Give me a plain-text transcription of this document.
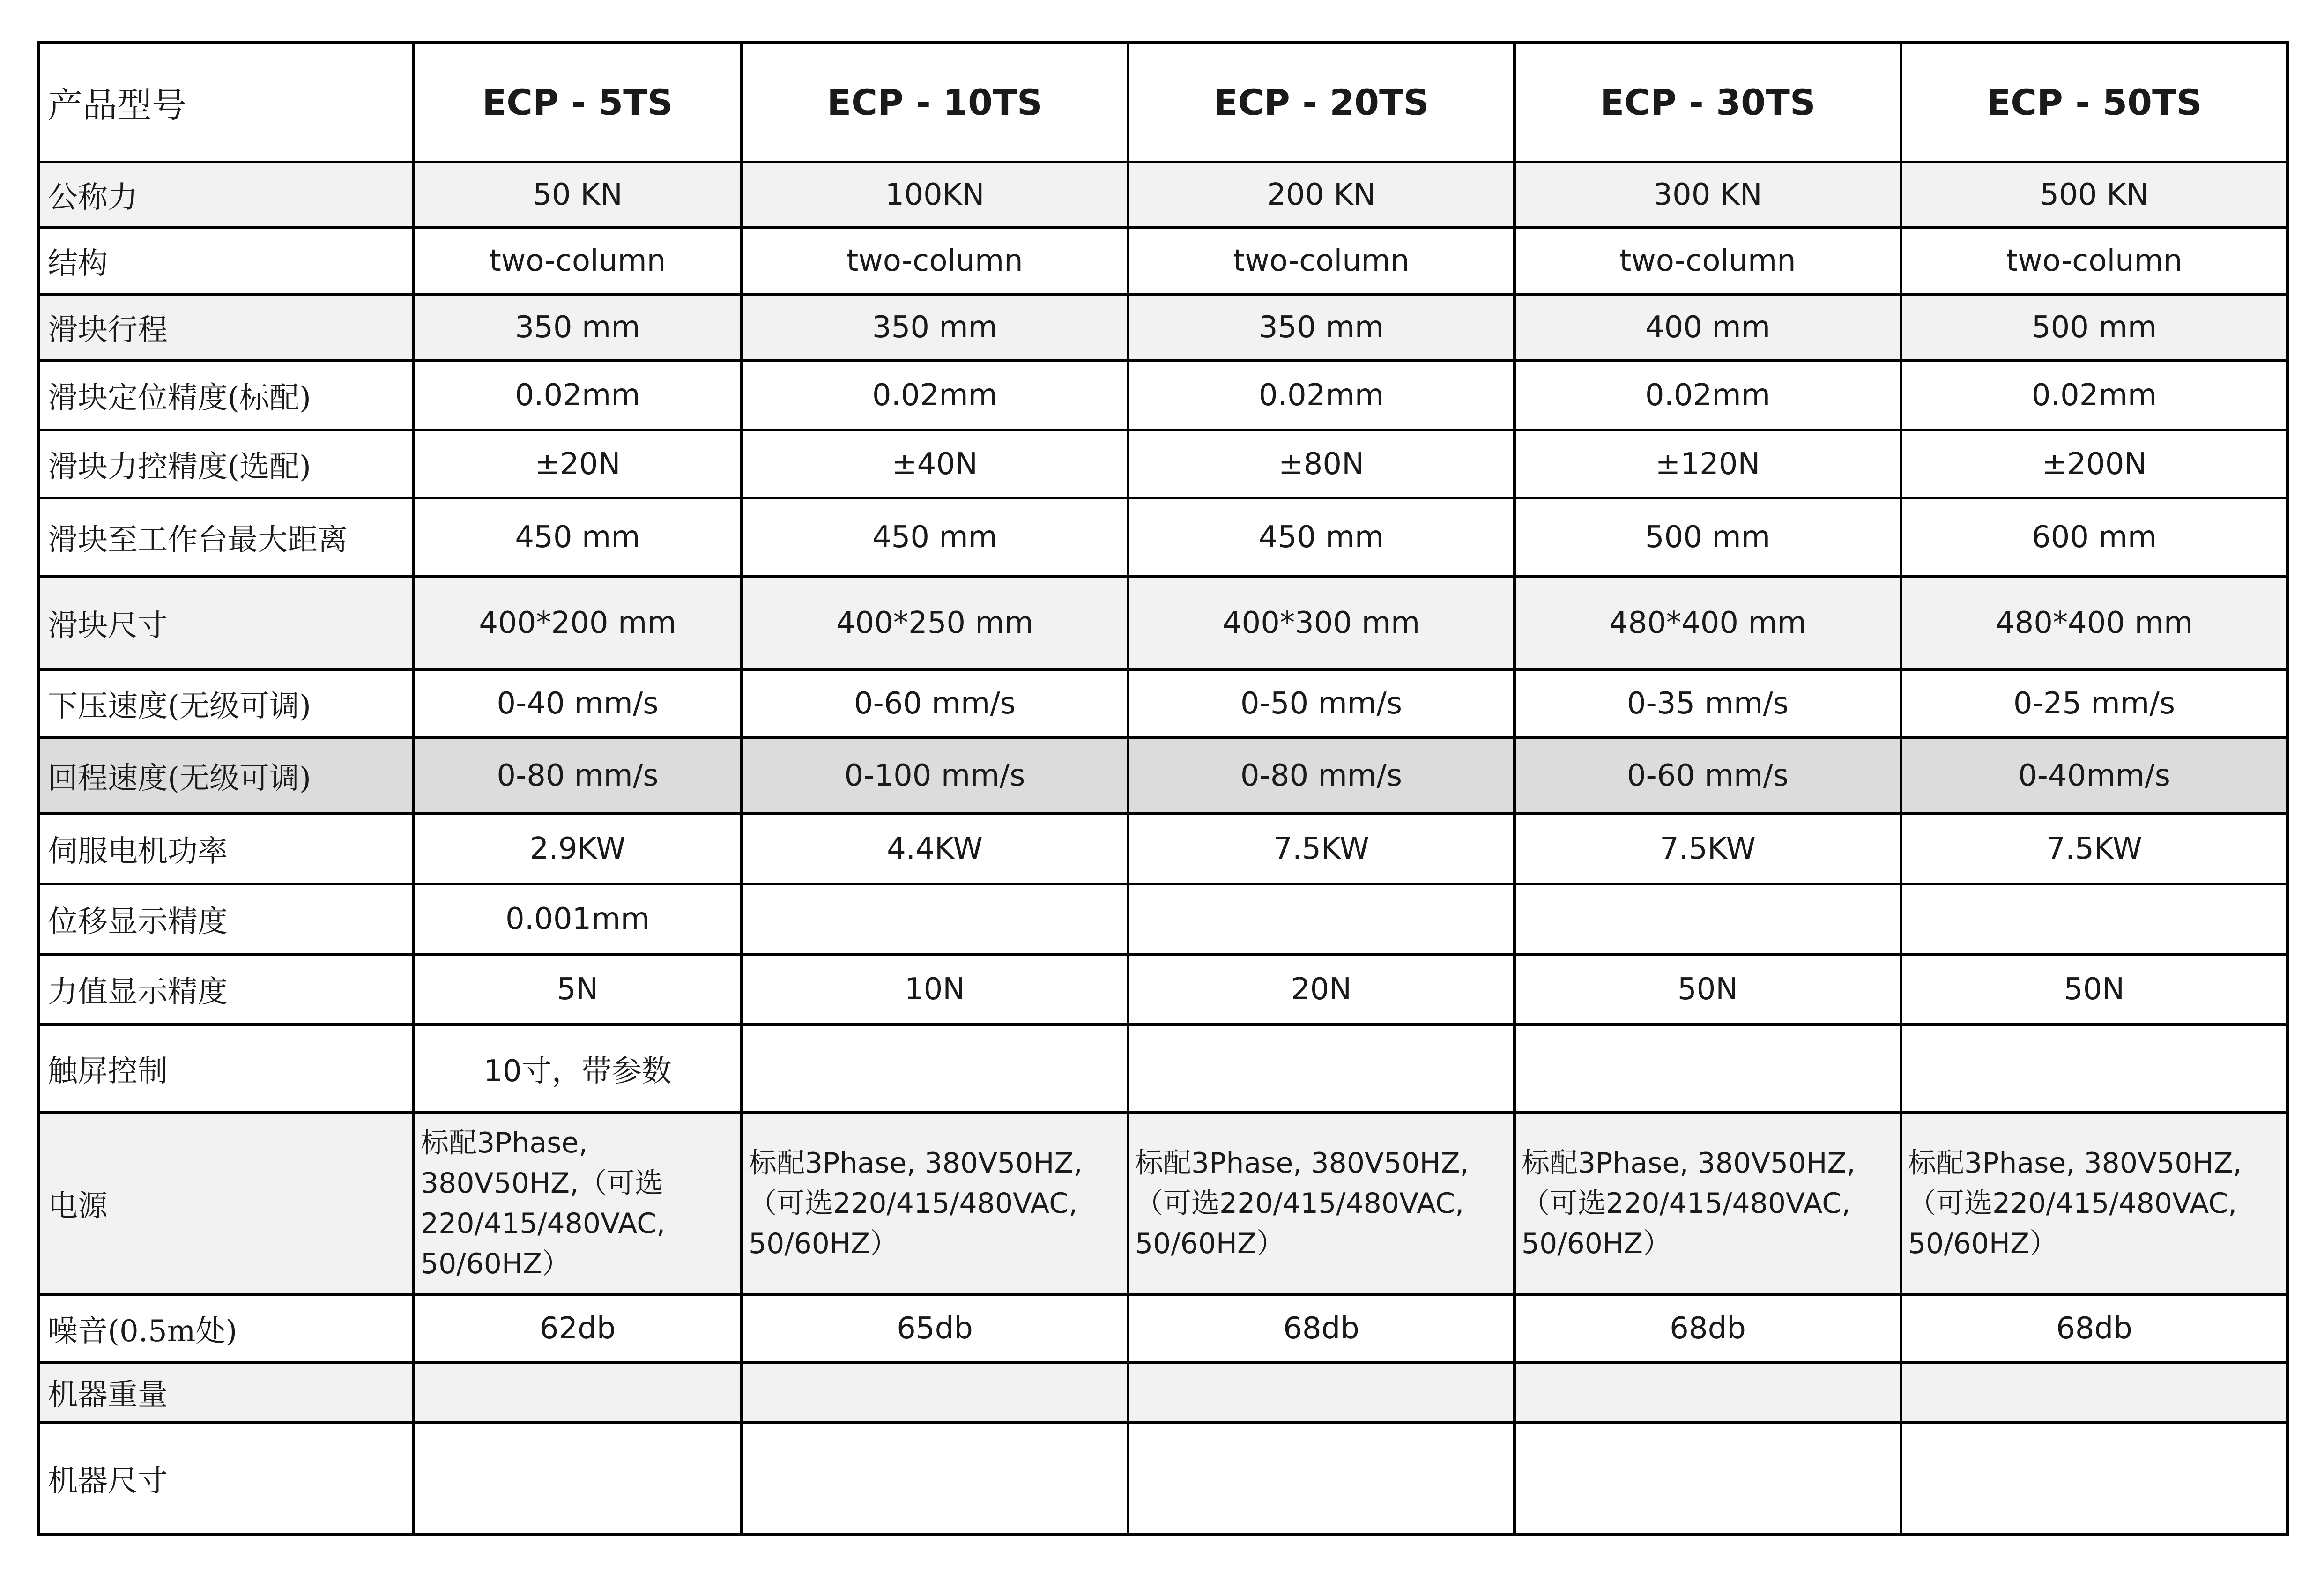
产品型号	ECP - 5TS	ECP - 10TS	ECP - 20TS	ECP - 30TS	ECP - 50TS
公称力	50 KN	100KN	200 KN	300 KN	500 KN
结构	two-column	two-column	two-column	two-column	two-column
滑块行程	350 mm	350 mm	350 mm	400 mm	500 mm
滑块定位精度(标配)	0.02mm	0.02mm	0.02mm	0.02mm	0.02mm
滑块力控精度(选配)	±20N	±40N	±80N	±120N	±200N
滑块至工作台最大距离	450 mm	450 mm	450 mm	500 mm	600 mm
滑块尺寸	400*200 mm	400*250 mm	400*300 mm	480*400 mm	480*400 mm
下压速度(无级可调)	0-40 mm/s	0-60 mm/s	0-50 mm/s	0-35 mm/s	0-25 mm/s
回程速度(无级可调)	0-80 mm/s	0-100 mm/s	0-80 mm/s	0-60 mm/s	0-40mm/s
伺服电机功率	2.9KW	4.4KW	7.5KW	7.5KW	7.5KW
位移显示精度	0.001mm				
力值显示精度	5N	10N	20N	50N	50N
触屏控制	10寸，带参数				
电源	标配3Phase,
380V50HZ,（可选
220/415/480VAC,
50/60HZ）	标配3Phase, 380V50HZ,
（可选220/415/480VAC,
50/60HZ）	标配3Phase, 380V50HZ,
（可选220/415/480VAC,
50/60HZ）	标配3Phase, 380V50HZ,
（可选220/415/480VAC,
50/60HZ）	标配3Phase, 380V50HZ,
（可选220/415/480VAC,
50/60HZ）

噪音(0.5m处)	62db	65db	68db	68db	68db
机器重量					
机器尺寸					
